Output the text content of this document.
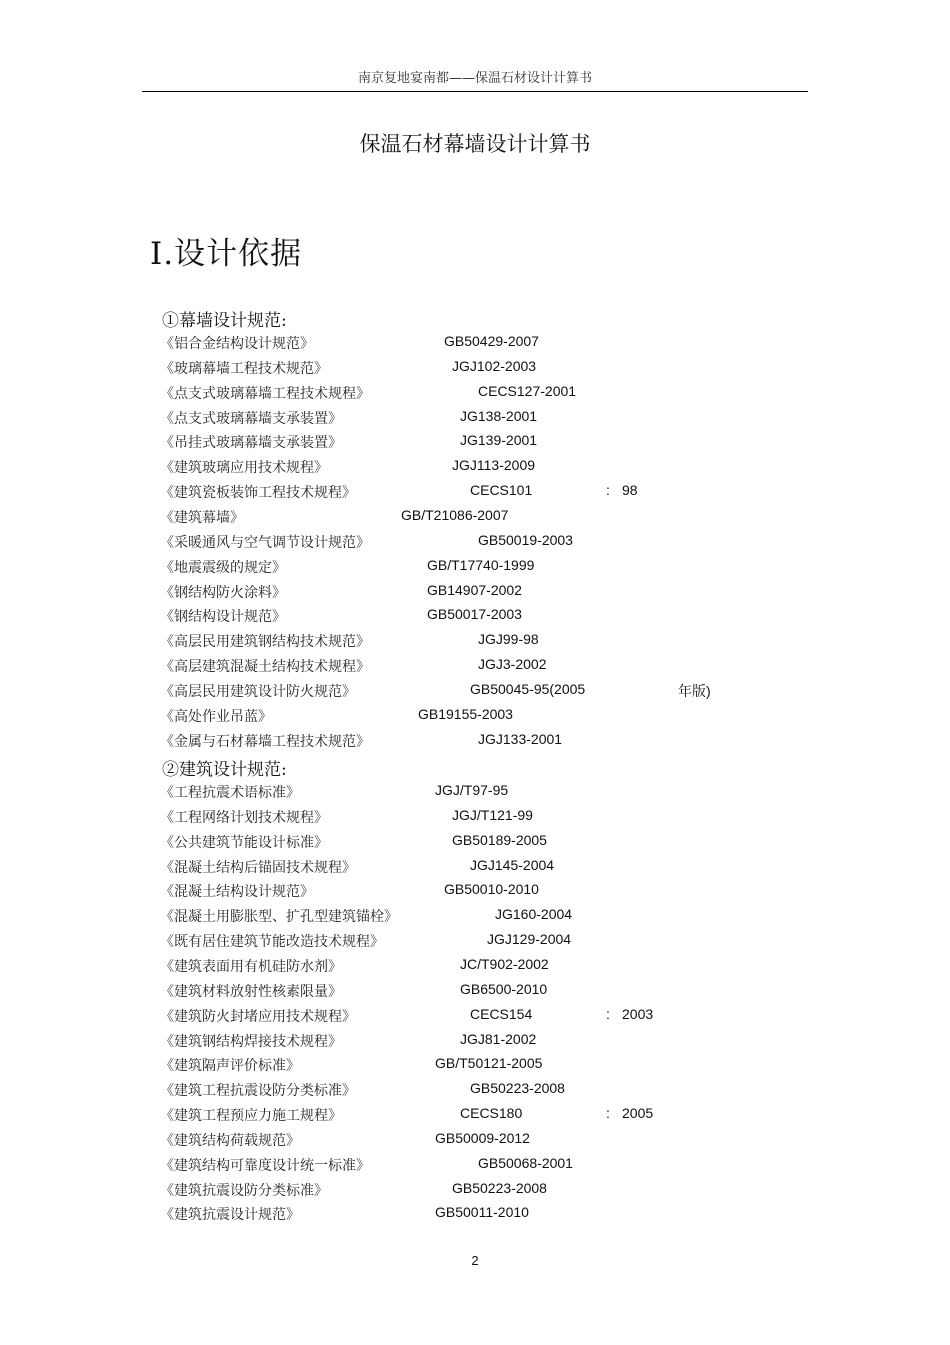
南京复地宴南都——保温石材设计计算书
保温石材幕墙设计计算书
Ⅰ.设计依据
①幕墙设计规范:
《铝合金结构设计规范》	GB50429-2007
《玻璃幕墙工程技术规范》	JGJ102-2003
《点支式玻璃幕墙工程技术规程》	CECS127-2001
《点支式玻璃幕墙支承装置》	JG138-2001
《吊挂式玻璃幕墙支承装置》	JG139-2001
《建筑玻璃应用技术规程》	JGJ113-2009
《建筑瓷板装饰工程技术规程》	CECS101	: 98
《建筑幕墙》	GB/T21086-2007
《采暖通风与空气调节设计规范》	GB50019-2003
《地震震级的规定》	GB/T17740-1999
《钢结构防火涂料》	GB14907-2002
《钢结构设计规范》	GB50017-2003
《高层民用建筑钢结构技术规范》	JGJ99-98
《高层建筑混凝土结构技术规程》	JGJ3-2002
《高层民用建筑设计防火规范》	GB50045-95(2005	年版)
《高处作业吊蓝》	GB19155-2003
《金属与石材幕墙工程技术规范》	JGJ133-2001
②建筑设计规范:
《工程抗震术语标准》	JGJ/T97-95
《工程网络计划技术规程》	JGJ/T121-99
《公共建筑节能设计标准》	GB50189-2005
《混凝土结构后锚固技术规程》	JGJ145-2004
《混凝土结构设计规范》	GB50010-2010
《混凝土用膨胀型、扩孔型建筑锚栓》	JG160-2004
《既有居住建筑节能改造技术规程》	JGJ129-2004
《建筑表面用有机硅防水剂》	JC/T902-2002
《建筑材料放射性核素限量》	GB6500-2010
《建筑防火封堵应用技术规程》	CECS154	: 2003
《建筑钢结构焊接技术规程》	JGJ81-2002
《建筑隔声评价标准》	GB/T50121-2005
《建筑工程抗震设防分类标准》	GB50223-2008
《建筑工程预应力施工规程》	CECS180	: 2005
《建筑结构荷载规范》	GB50009-2012
《建筑结构可靠度设计统一标准》	GB50068-2001
《建筑抗震设防分类标准》	GB50223-2008
《建筑抗震设计规范》	GB50011-2010
2
